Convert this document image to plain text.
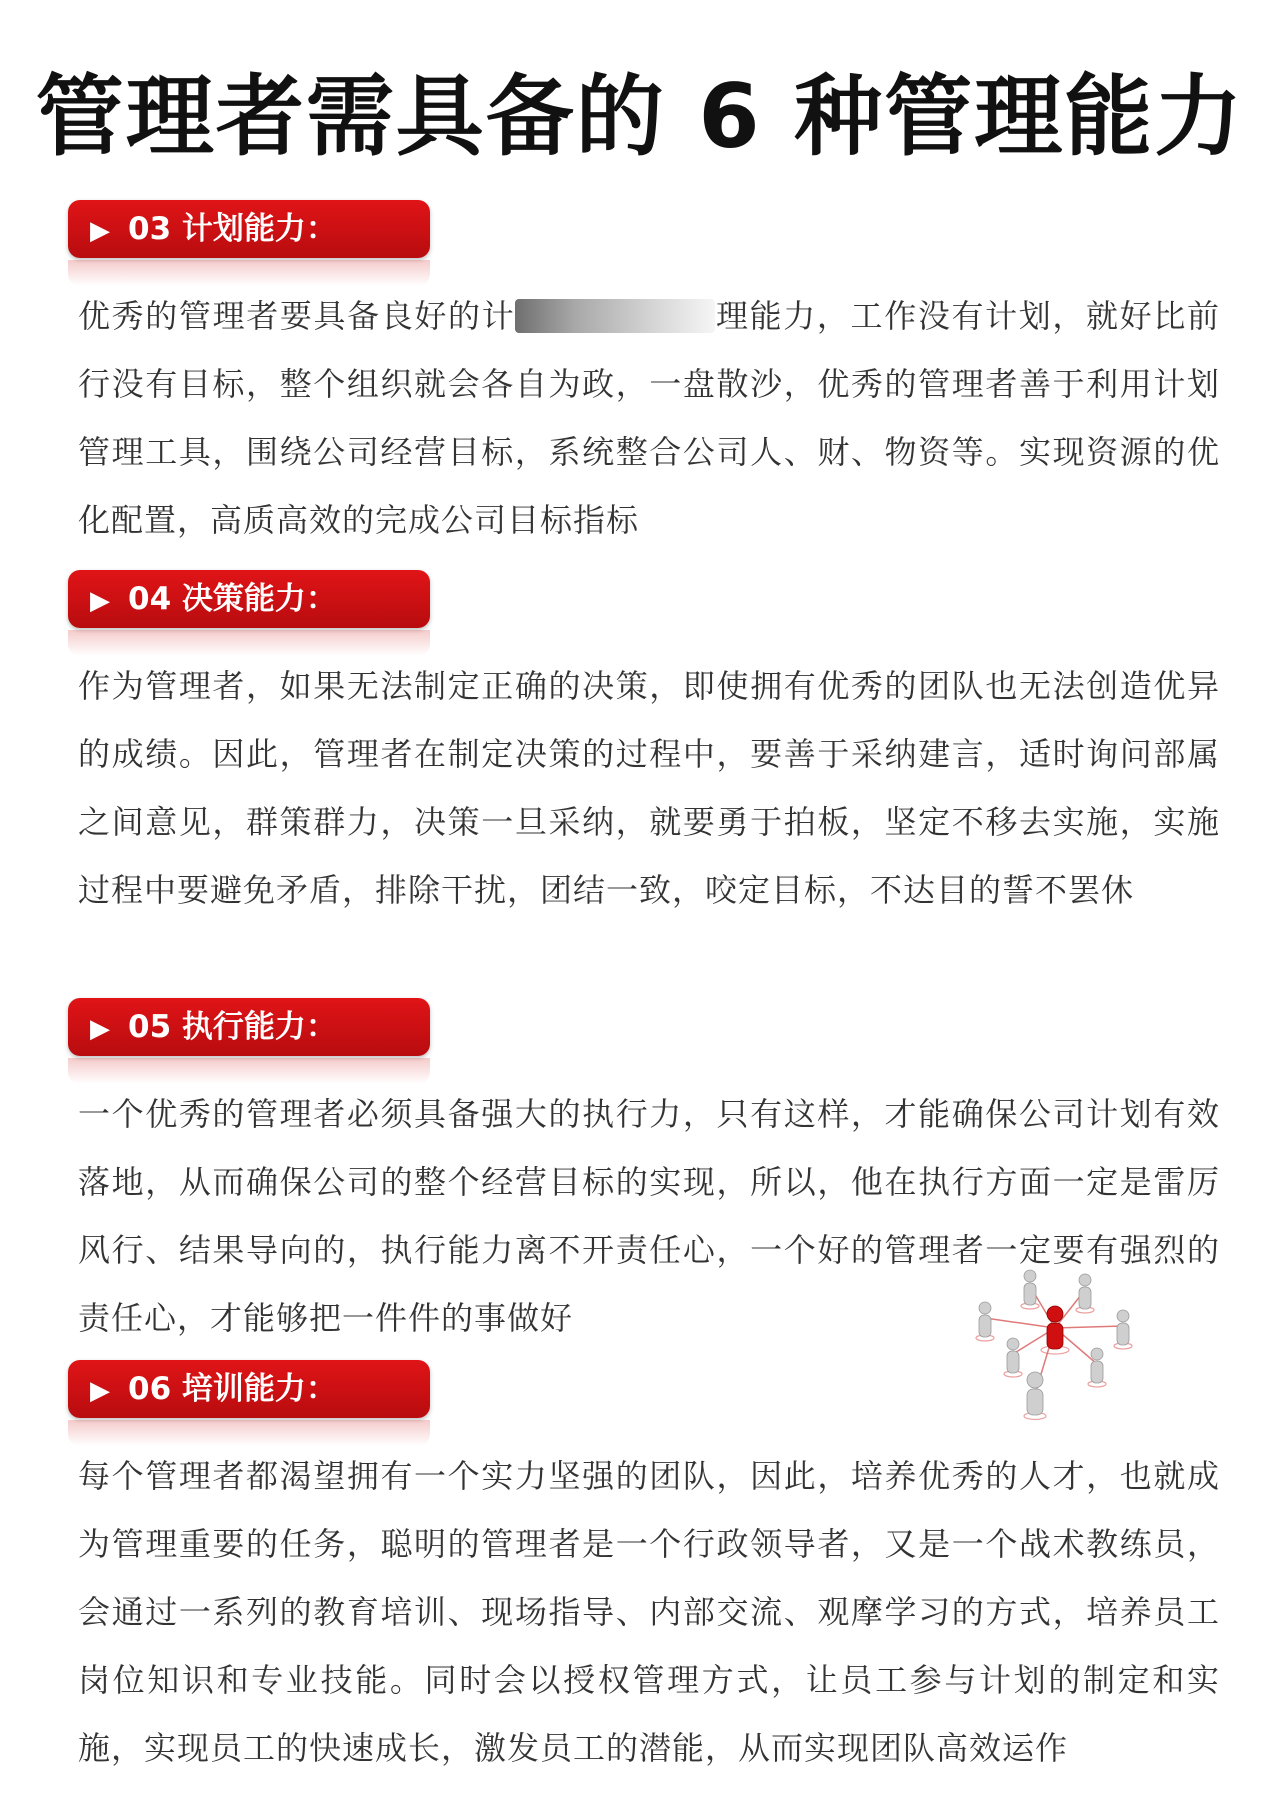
管理者需具备的 6 种管理能力
▶ 03 计划能力：
优秀的管理者要具备良好的计	理能力，工作没有计划，就好比前行没有目标，整个组织就会各自为政，一盘散沙，优秀的管理者善于利用计划管理工具，围绕公司经营目标，系统整合公司人、财、物资等。实现资源的优化配置，高质高效的完成公司目标指标
▶ 04 决策能力：
作为管理者，如果无法制定正确的决策，即使拥有优秀的团队也无法创造优异的成绩。因此，管理者在制定决策的过程中，要善于采纳建言，适时询问部属之间意见，群策群力，决策一旦采纳，就要勇于拍板，坚定不移去实施，实施过程中要避免矛盾，排除干扰，团结一致，咬定目标，不达目的誓不罢休
▶ 05 执行能力：
一个优秀的管理者必须具备强大的执行力，只有这样，才能确保公司计划有效落地，从而确保公司的整个经营目标的实现，所以，他在执行方面一定是雷厉风行、结果导向的，执行能力离不开责任心，一个好的管理者一定要有强烈的责任心，才能够把一件件的事做好
▶ 06 培训能力：
每个管理者都渴望拥有一个实力坚强的团队，因此，培养优秀的人才，也就成为管理重要的任务，聪明的管理者是一个行政领导者，又是一个战术教练员，会通过一系列的教育培训、现场指导、内部交流、观摩学习的方式，培养员工岗位知识和专业技能。同时会以授权管理方式，让员工参与计划的制定和实施，实现员工的快速成长，激发员工的潜能，从而实现团队高效运作
